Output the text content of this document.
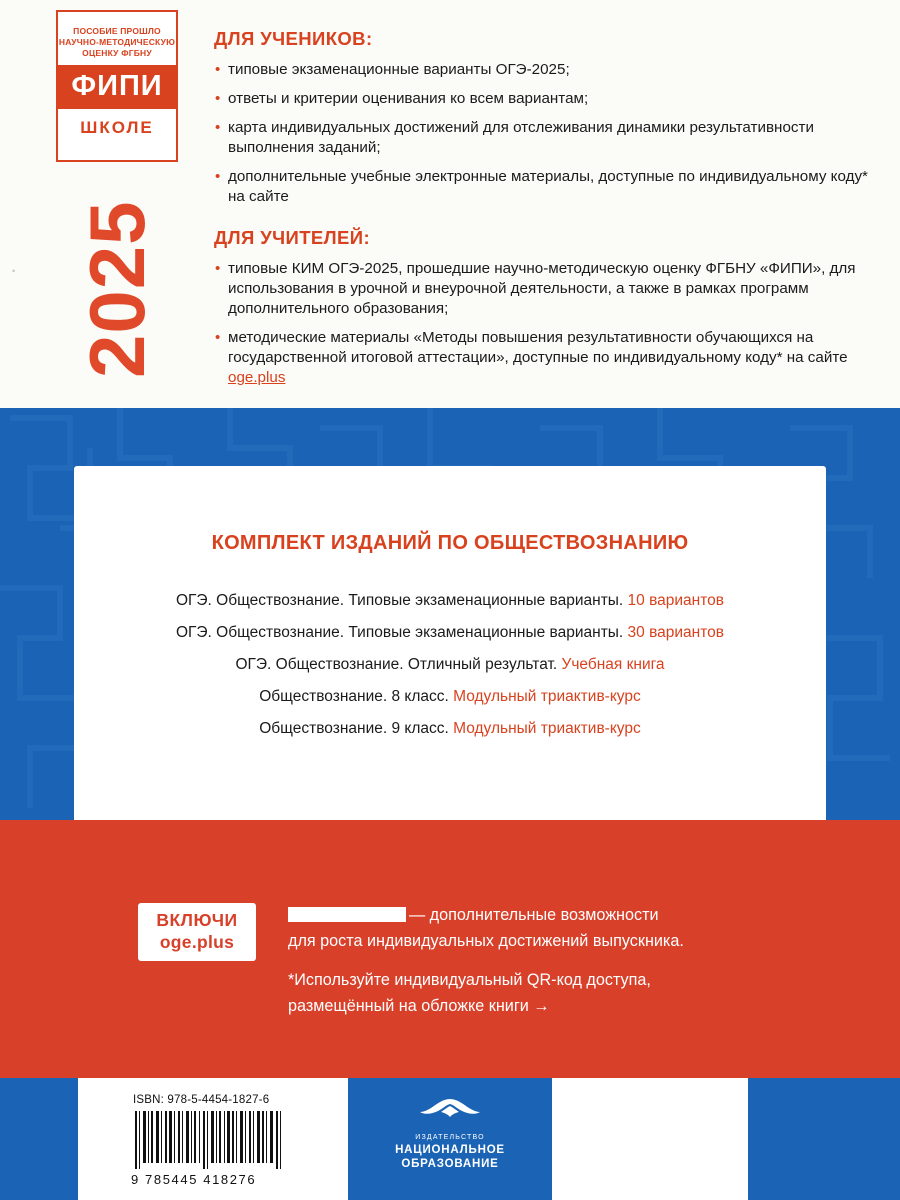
ПОСОБИЕ ПРОШЛО
НАУЧНО-МЕТОДИЧЕСКУЮ
ОЦЕНКУ ФГБНУ
ФИПИ
ШКОЛЕ
2025
ДЛЯ УЧЕНИКОВ:
• типовые экзаменационные варианты ОГЭ-2025;
• ответы и критерии оценивания ко всем вариантам;
• карта индивидуальных достижений для отслеживания динамики результативности выполнения заданий;
• дополнительные учебные электронные материалы, доступные по индивидуальному коду* на сайте
ДЛЯ УЧИТЕЛЕЙ:
• типовые КИМ ОГЭ-2025, прошедшие научно-методическую оценку ФГБНУ «ФИПИ», для использования в урочной и внеурочной деятельности, а также в рамках программ дополнительного образования;
• методические материалы «Методы повышения результативности обучающихся на государственной итоговой аттестации», доступные по индивидуальному коду* на сайте oge.plus
•
КОМПЛЕКТ ИЗДАНИЙ ПО ОБЩЕСТВОЗНАНИЮ
ОГЭ. Обществознание. Типовые экзаменационные варианты. 10 вариантов
ОГЭ. Обществознание. Типовые экзаменационные варианты. 30 вариантов
ОГЭ. Обществознание. Отличный результат. Учебная книга
Обществознание. 8 класс. Модульный триактив-курс
Обществознание. 9 класс. Модульный триактив-курс
ВКЛЮЧИ
oge.plus
— дополнительные возможности
для роста индивидуальных достижений выпускника.
*Используйте индивидуальный QR-код доступа,
размещённый на обложке книги →
ISBN: 978-5-4454-1827-6
9 785445 418276
ИЗДАТЕЛЬСТВО
НАЦИОНАЛЬНОЕ
ОБРАЗОВАНИЕ
